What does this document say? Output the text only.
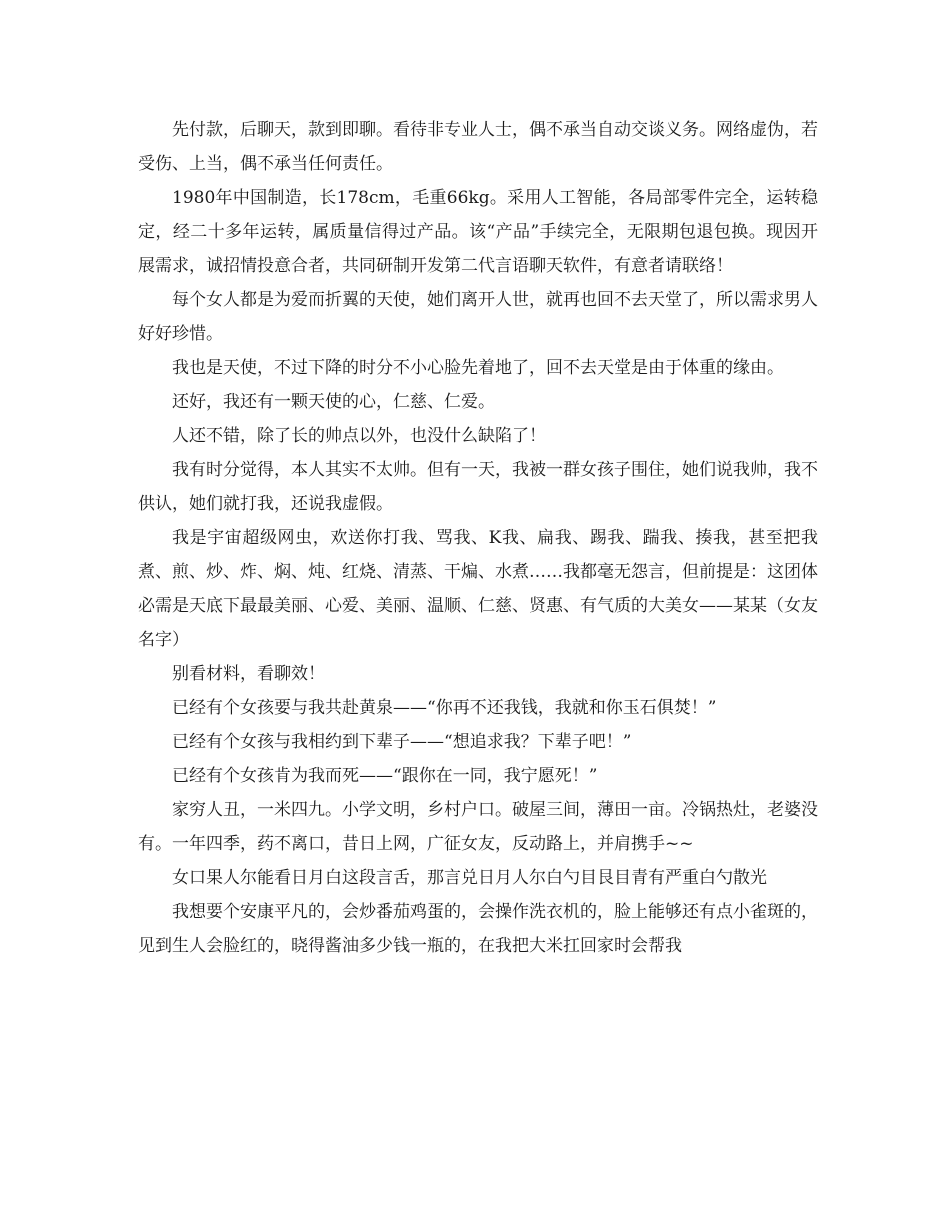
先付款，后聊天，款到即聊。看待非专业人士，偶不承当自动交谈义务。网络虚伪，若受伤、上当，偶不承当任何责任。

1980年中国制造，长178cm，毛重66kg。采用人工智能，各局部零件完全，运转稳定，经二十多年运转，属质量信得过产品。该“产品”手续完全，无限期包退包换。现因开展需求，诚招情投意合者，共同研制开发第二代言语聊天软件，有意者请联络！

每个女人都是为爱而折翼的天使，她们离开人世，就再也回不去天堂了，所以需求男人好好珍惜。

我也是天使，不过下降的时分不小心脸先着地了，回不去天堂是由于体重的缘由。

还好，我还有一颗天使的心，仁慈、仁爱。

人还不错，除了长的帅点以外，也没什么缺陷了！

我有时分觉得，本人其实不太帅。但有一天，我被一群女孩子围住，她们说我帅，我不供认，她们就打我，还说我虚假。

我是宇宙超级网虫，欢送你打我、骂我、K我、扁我、踢我、踹我、揍我，甚至把我煮、煎、炒、炸、焖、炖、红烧、清蒸、干煸、水煮……我都毫无怨言，但前提是：这团体必需是天底下最最美丽、心爱、美丽、温顺、仁慈、贤惠、有气质的大美女——某某（女友名字）

别看材料，看聊效！

已经有个女孩要与我共赴黄泉——“你再不还我钱，我就和你玉石俱焚！”

已经有个女孩与我相约到下辈子——“想追求我？下辈子吧！”

已经有个女孩肯为我而死——“跟你在一同，我宁愿死！”

家穷人丑，一米四九。小学文明，乡村户口。破屋三间，薄田一亩。冷锅热灶，老婆没有。一年四季，药不离口，昔日上网，广征女友，反动路上，并肩携手~~

女口果人尔能看日月白这段言舌，那言兑日月人尔白勺目艮目青有严重白勺散光

我想要个安康平凡的，会炒番茄鸡蛋的，会操作洗衣机的，脸上能够还有点小雀斑的，见到生人会脸红的，晓得酱油多少钱一瓶的，在我把大米扛回家时会帮我
